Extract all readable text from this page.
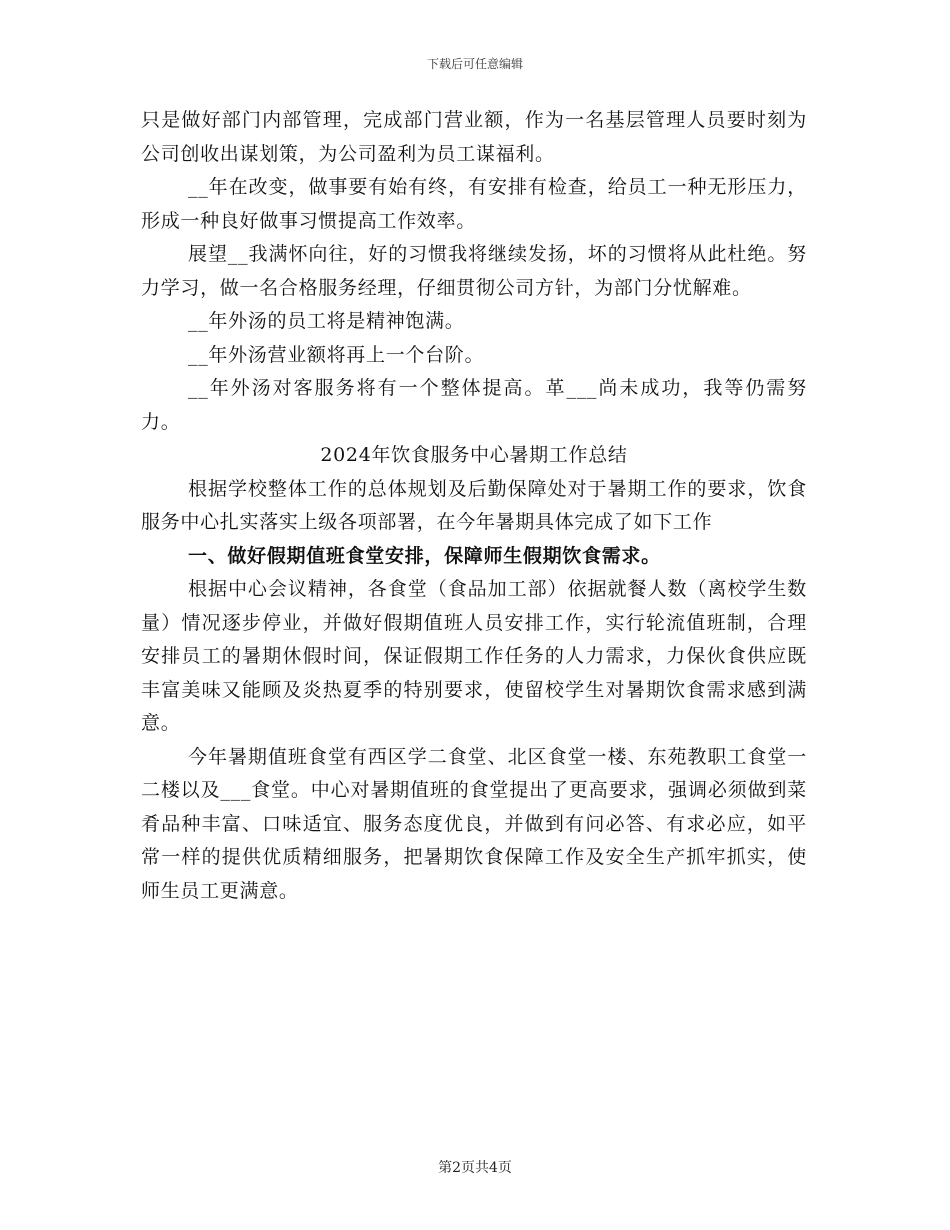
下载后可任意编辑

只是做好部门内部管理，完成部门营业额，作为一名基层管理人员要时刻为公司创收出谋划策，为公司盈利为员工谋福利。

__年在改变，做事要有始有终，有安排有检查，给员工一种无形压力，形成一种良好做事习惯提高工作效率。

展望__我满怀向往，好的习惯我将继续发扬，坏的习惯将从此杜绝。努力学习，做一名合格服务经理，仔细贯彻公司方针，为部门分忧解难。

__年外汤的员工将是精神饱满。

__年外汤营业额将再上一个台阶。

__年外汤对客服务将有一个整体提高。革___尚未成功，我等仍需努力。

2024年饮食服务中心暑期工作总结

根据学校整体工作的总体规划及后勤保障处对于暑期工作的要求，饮食服务中心扎实落实上级各项部署，在今年暑期具体完成了如下工作

一、做好假期值班食堂安排，保障师生假期饮食需求。

根据中心会议精神，各食堂（食品加工部）依据就餐人数（离校学生数量）情况逐步停业，并做好假期值班人员安排工作，实行轮流值班制，合理安排员工的暑期休假时间，保证假期工作任务的人力需求，力保伙食供应既丰富美味又能顾及炎热夏季的特别要求，使留校学生对暑期饮食需求感到满意。

今年暑期值班食堂有西区学二食堂、北区食堂一楼、东苑教职工食堂一二楼以及___食堂。中心对暑期值班的食堂提出了更高要求，强调必须做到菜肴品种丰富、口味适宜、服务态度优良，并做到有问必答、有求必应，如平常一样的提供优质精细服务，把暑期饮食保障工作及安全生产抓牢抓实，使师生员工更满意。

第2页共4页
